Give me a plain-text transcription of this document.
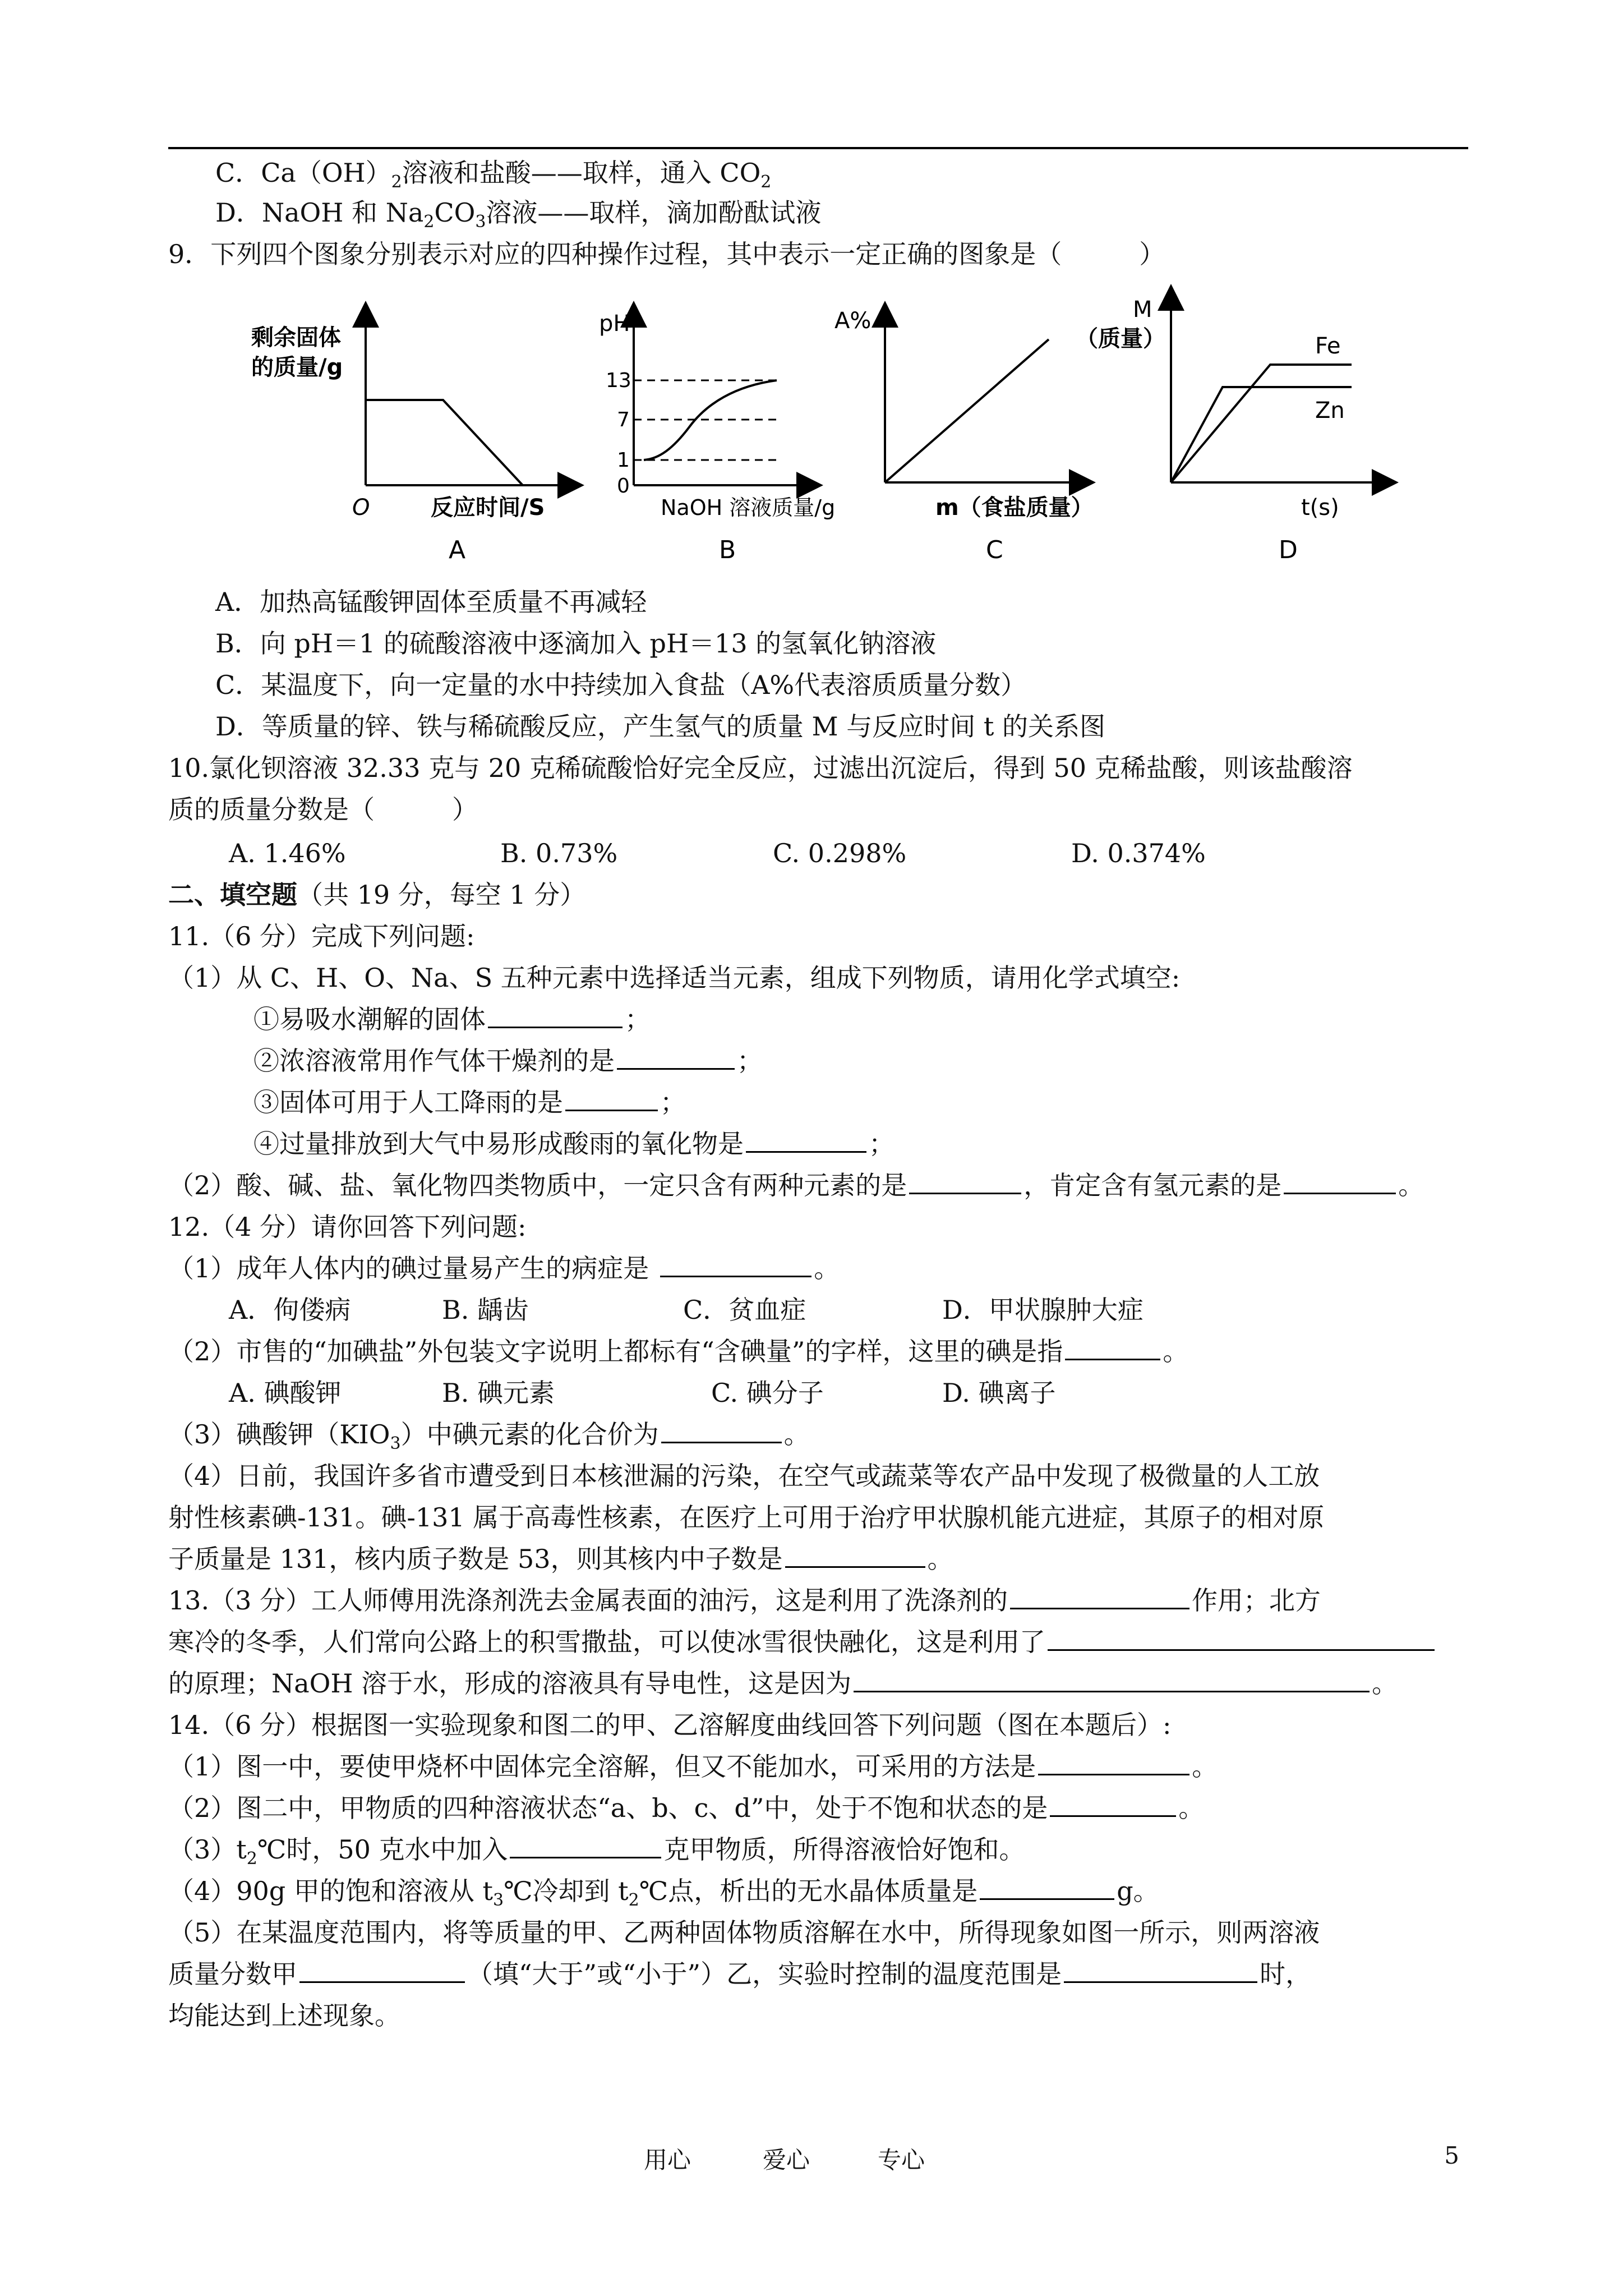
C．$Ca(OH)_2$溶液和盐酸——取样，通入 $CO_2$
D．NaOH 和 $Na_2CO_3$溶液——取样，滴加酚酞试液
9．下列四个图象分别表示对应的四种操作过程，其中表示一定正确的图象是（　　　）
剩余固体
的质量/g
O	反应时间/S
A
pH
13
7
1
0
NaOH 溶液质量/g
B
A%
m（食盐质量）
C
M
（质量）	Fe
Zn
t(s)
D
A．加热高锰酸钾固体至质量不再减轻
B．向 pH＝1 的硫酸溶液中逐滴加入 pH＝13 的氢氧化钠溶液
C．某温度下，向一定量的水中持续加入食盐（A%代表溶质质量分数）
D．等质量的锌、铁与稀硫酸反应，产生氢气的质量 M 与反应时间 t 的关系图
10.氯化钡溶液 32.33 克与 20 克稀硫酸恰好完全反应，过滤出沉淀后，得到 50 克稀盐酸，则该盐酸溶
质的质量分数是（　　　）
A. 1.46%	B. 0.73%	C. 0.298%	D. 0.374%
二、填空题（共 19 分，每空 1 分）
11.（6 分）完成下列问题:
（1）从 C、H、O、Na、S 五种元素中选择适当元素，组成下列物质，请用化学式填空:
①易吸水潮解的固体	；
②浓溶液常用作气体干燥剂的是	；
③固体可用于人工降雨的是	；
④过量排放到大气中易形成酸雨的氧化物是	；
（2）酸、碱、盐、氧化物四类物质中，一定只含有两种元素的是	，肯定含有氢元素的是	。
12.（4 分）请你回答下列问题:
（1）成年人体内的碘过量易产生的病症是	。
A．佝偻病	B. 龋齿	C．贫血症	D．甲状腺肿大症
（2）市售的“加碘盐”外包装文字说明上都标有“含碘量”的字样，这里的碘是指	。
A. 碘酸钾	B. 碘元素	C. 碘分子	D. 碘离子
（3）碘酸钾$(KIO_3)$中碘元素的化合价为	。
（4）日前，我国许多省市遭受到日本核泄漏的污染，在空气或蔬菜等农产品中发现了极微量的人工放
射性核素碘-131。碘-131 属于高毒性核素，在医疗上可用于治疗甲状腺机能亢进症，其原子的相对原
子质量是 131，核内质子数是 53，则其核内中子数是	。
13.（3 分）工人师傅用洗涤剂洗去金属表面的油污，这是利用了洗涤剂的	作用；北方
寒冷的冬季，人们常向公路上的积雪撒盐，可以使冰雪很快融化，这是利用了
的原理；NaOH 溶于水，形成的溶液具有导电性，这是因为	。
14.（6 分）根据图一实验现象和图二的甲、乙溶解度曲线回答下列问题（图在本题后）:
（1）图一中，要使甲烧杯中固体完全溶解，但又不能加水，可采用的方法是	。
（2）图二中，甲物质的四种溶液状态“a、b、c、d”中，处于不饱和状态的是	。
$(3)t_2℃$时，50 克水中加入	克甲物质，所得溶液恰好饱和。
（4）90g 甲的饱和溶液从 $t_3℃$冷却到 $t_2℃$点，析出的无水晶体质量是	g。
（5）在某温度范围内，将等质量的甲、乙两种固体物质溶解在水中，所得现象如图一所示，则两溶液
质量分数甲	（填“大于”或“小于”）乙，实验时控制的温度范围是	时，
均能达到上述现象。
用心	爱心	专心	5
